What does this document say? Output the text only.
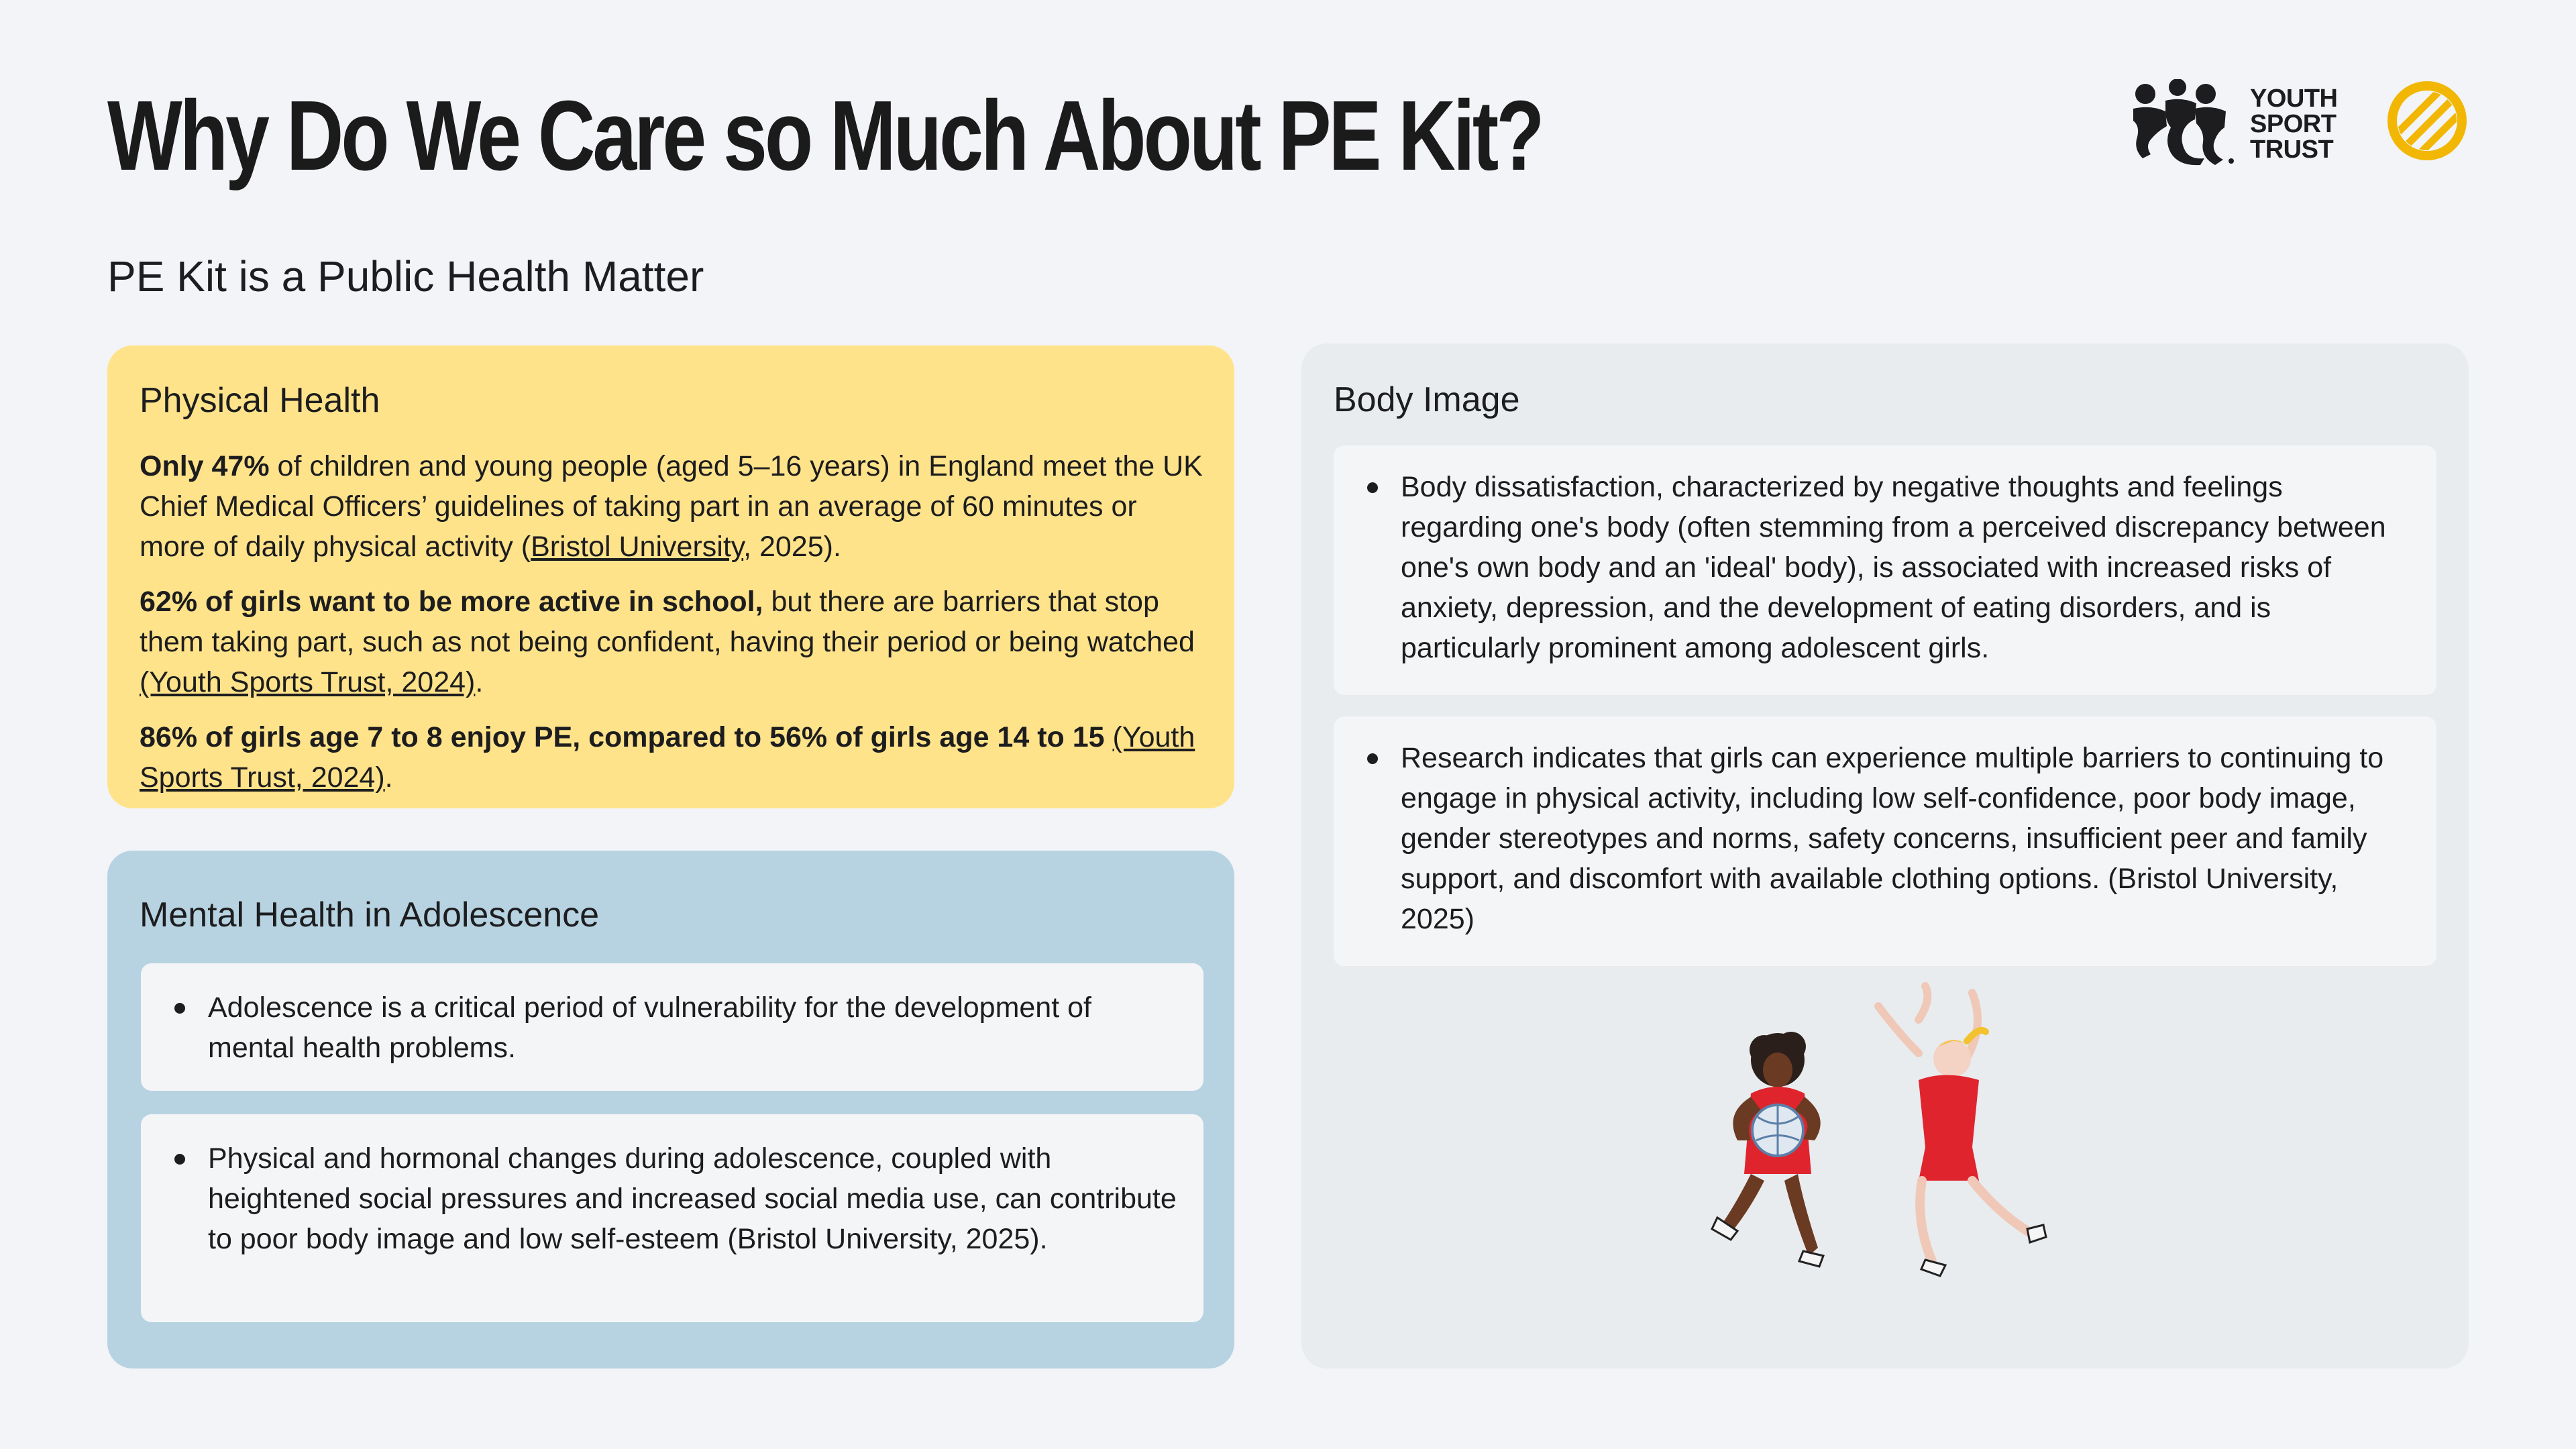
Why Do We Care so Much About PE Kit?	YOUTH
SPORT
TRUST
PE Kit is a Public Health Matter
Physical Health

Only 47% of children and young people (aged 5–16 years) in England meet the UK Chief Medical Officers’ guidelines of taking part in an average of 60 minutes or more of daily physical activity (Bristol University, 2025).

62% of girls want to be more active in school, but there are barriers that stop them taking part, such as not being confident, having their period or being watched (Youth Sports Trust, 2024).

86% of girls age 7 to 8 enjoy PE, compared to 56% of girls age 14 to 15 (Youth Sports Trust, 2024).

Mental Health in Adolescence
Adolescence is a critical period of vulnerability for the development of mental health problems.
Physical and hormonal changes during adolescence, coupled with heightened social pressures and increased social media use, can contribute to poor body image and low self-esteem (Bristol University, 2025).
Body Image
Body dissatisfaction, characterized by negative thoughts and feelings regarding one's body (often stemming from a perceived discrepancy between one's own body and an 'ideal' body), is associated with increased risks of anxiety, depression, and the development of eating disorders, and is particularly prominent among adolescent girls.
Research indicates that girls can experience multiple barriers to continuing to engage in physical activity, including low self-confidence, poor body image, gender stereotypes and norms, safety concerns, insufficient peer and family support, and discomfort with available clothing options. (Bristol University, 2025)
